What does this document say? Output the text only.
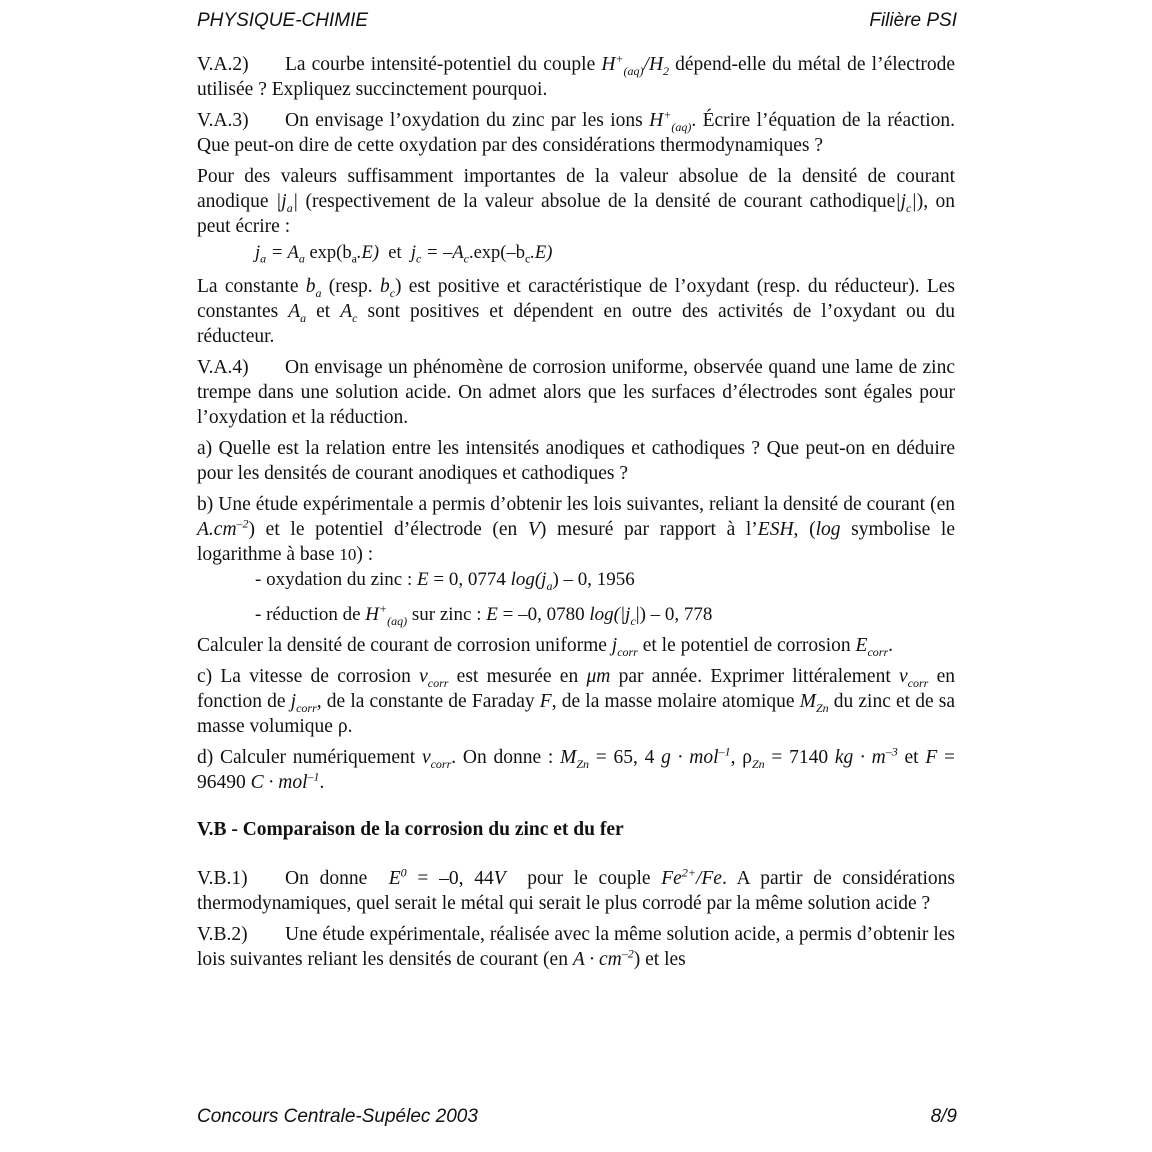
PHYSIQUE-CHIMIE	Filière PSI

V.A.2) La courbe intensité-potentiel du couple $H^+_{(aq)}/H_2$ dépend-elle du métal de l’électrode utilisée ? Expliquez succinctement pourquoi.

V.A.3) On envisage l’oxydation du zinc par les ions $H^+_{(aq)}$. Écrire l’équation de la réaction. Que peut-on dire de cette oxydation par des considérations thermodynamiques ?

Pour des valeurs suffisamment importantes de la valeur absolue de la densité de courant anodique $|j_a|$ (respectivement de la valeur absolue de la densité de courant $cathodique|j_c|$), on peut écrire :

$j_a = A_a$ $\exp(b_a.E)$ et $j_c = -A_c.\exp(-b_c.E)$

La constante $b_a$ (resp. $b_c$) est positive et caractéristique de l’oxydant (resp. du réducteur). Les constantes $A_a$ et $A_c$ sont positives et dépendent en outre des activités de l’oxydant ou du réducteur.

V.A.4) On envisage un phénomène de corrosion uniforme, observée quand une lame de zinc trempe dans une solution acide. On admet alors que les surfaces d’électrodes sont égales pour l’oxydation et la réduction.

a) Quelle est la relation entre les intensités anodiques et cathodiques ? Que peut-on en déduire pour les densités de courant anodiques et cathodiques ?

b) Une étude expérimentale a permis d’obtenir les lois suivantes, reliant la densité de courant (en $A.cm^{-2}$) et le potentiel d’électrode (en V) mesuré par rapport à l’ESH, (log symbolise le logarithme à base 10) :

- oxydation du zinc : E = 0, 0774 $\log(j_a) - 0$, 1956

- réduction de $H^+_{(aq)}$ sur zinc : E = –0, 0780 $\log(|j_c|) - 0$, 778

Calculer la densité de courant de corrosion uniforme $j_{corr}$ et le potentiel de corrosion $E_{corr}$.

c) La vitesse de corrosion $v_{corr}$ est mesurée en μm par année. Exprimer littéralement $v_{corr}$ en fonction de $j_{corr}$, de la constante de Faraday F, de la masse molaire atomique $M_{Zn}$ du zinc et de sa masse volumique ρ.

d) Calculer numériquement $v_{corr}$. On donne : $M_{Zn} = 65$, 4 g · mol$^{-1}$, $\rho_{Zn} = 7140$ kg · $m^{-3}$ et F = 96490 C · mol$^{-1}$.

V.B - Comparaison de la corrosion du zinc et du fer

V.B.1) On donne $E^0 = -0$, 44V pour le couple $Fe^{2+}/Fe$. A partir de considérations thermodynamiques, quel serait le métal qui serait le plus corrodé par la même solution acide ?

V.B.2) Une étude expérimentale, réalisée avec la même solution acide, a permis d’obtenir les lois suivantes reliant les densités de courant (en $A \cdot cm^{-2}$) et les

Concours Centrale-Supélec 2003	8/9
